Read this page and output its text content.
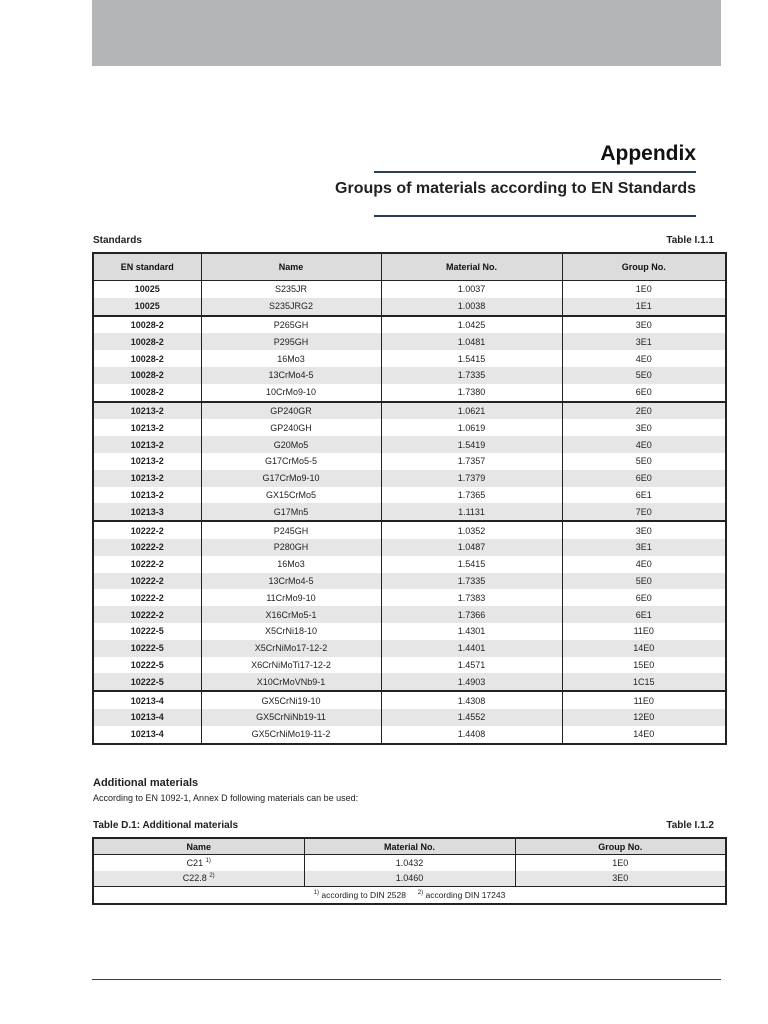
Appendix
Groups of materials according to EN Standards
Standards	Table I.1.1
EN standard	Name	Material No.	Group No.
10025	S235JR	1.0037	1E0
10025	S235JRG2	1.0038	1E1
10028-2	P265GH	1.0425	3E0
10028-2	P295GH	1.0481	3E1
10028-2	16Mo3	1.5415	4E0
10028-2	13CrMo4-5	1.7335	5E0
10028-2	10CrMo9-10	1.7380	6E0
10213-2	GP240GR	1.0621	2E0
10213-2	GP240GH	1.0619	3E0
10213-2	G20Mo5	1.5419	4E0
10213-2	G17CrMo5-5	1.7357	5E0
10213-2	G17CrMo9-10	1.7379	6E0
10213-2	GX15CrMo5	1.7365	6E1
10213-3	G17Mn5	1.1131	7E0
10222-2	P245GH	1.0352	3E0
10222-2	P280GH	1.0487	3E1
10222-2	16Mo3	1.5415	4E0
10222-2	13CrMo4-5	1.7335	5E0
10222-2	11CrMo9-10	1.7383	6E0
10222-2	X16CrMo5-1	1.7366	6E1
10222-5	X5CrNi18-10	1.4301	11E0
10222-5	X5CrNiMo17-12-2	1.4401	14E0
10222-5	X6CrNiMoTi17-12-2	1.4571	15E0
10222-5	X10CrMoVNb9-1	1.4903	1C15
10213-4	GX5CrNi19-10	1.4308	11E0
10213-4	GX5CrNiNb19-11	1.4552	12E0
10213-4	GX5CrNiMo19-11-2	1.4408	14E0
Additional materials
According to EN 1092-1, Annex D following materials can be used:
Table D.1: Additional materials	Table I.1.2
Name	Material No.	Group No.
C21 $^{1)}$	1.0432	1E0
C22.8 $^{2)}$	1.0460	3E0
$^{1)}$ according to DIN 2528 $^{2)}$ according DIN 17243		
